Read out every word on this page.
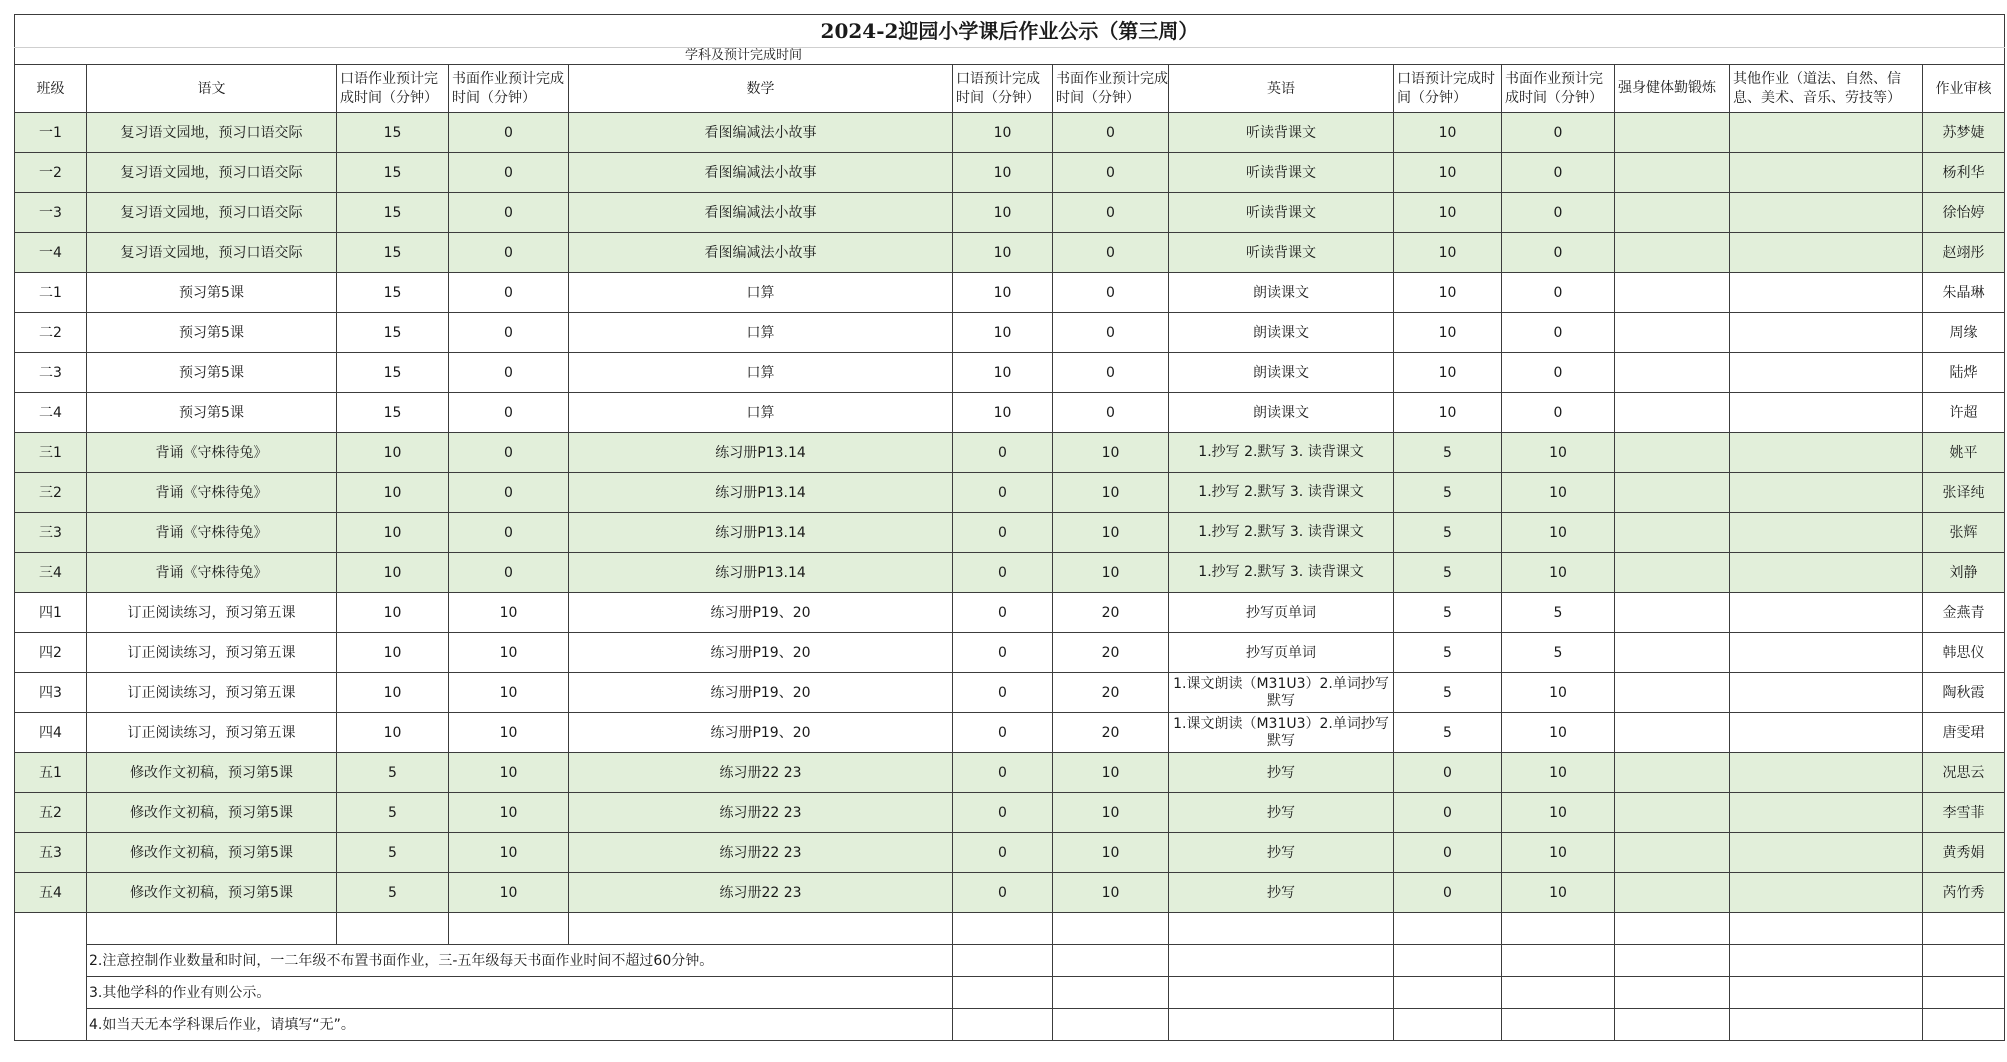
2024-2迎园小学课后作业公示（第三周）												
学科及预计完成时间												
班级	语文	口语作业预计完成时间（分钟）	书面作业预计完成时间（分钟）	数学	口语预计完成时间（分钟）	书面作业预计完成时间（分钟）	英语	口语预计完成时间（分钟）	书面作业预计完成时间（分钟）	强身健体勤锻炼	其他作业（道法、自然、信息、美术、音乐、劳技等）	作业审核
一1	复习语文园地，预习口语交际	15	0	看图编减法小故事	10	0	听读背课文	10	0			苏梦婕
一2	复习语文园地，预习口语交际	15	0	看图编减法小故事	10	0	听读背课文	10	0			杨利华
一3	复习语文园地，预习口语交际	15	0	看图编减法小故事	10	0	听读背课文	10	0			徐怡婷
一4	复习语文园地，预习口语交际	15	0	看图编减法小故事	10	0	听读背课文	10	0			赵翊彤
二1	预习第5课	15	0	口算	10	0	朗读课文	10	0			朱晶琳
二2	预习第5课	15	0	口算	10	0	朗读课文	10	0			周缘
二3	预习第5课	15	0	口算	10	0	朗读课文	10	0			陆烨
二4	预习第5课	15	0	口算	10	0	朗读课文	10	0			许超
三1	背诵《守株待兔》	10	0	练习册P13.14	0	10	1.抄写 2.默写 3. 读背课文	5	10			姚平
三2	背诵《守株待兔》	10	0	练习册P13.14	0	10	1.抄写 2.默写 3. 读背课文	5	10			张译纯
三3	背诵《守株待兔》	10	0	练习册P13.14	0	10	1.抄写 2.默写 3. 读背课文	5	10			张辉
三4	背诵《守株待兔》	10	0	练习册P13.14	0	10	1.抄写 2.默写 3. 读背课文	5	10			刘静
四1	订正阅读练习，预习第五课	10	10	练习册P19、20	0	20	抄写页单词	5	5			金燕青
四2	订正阅读练习，预习第五课	10	10	练习册P19、20	0	20	抄写页单词	5	5			韩思仪
四3	订正阅读练习，预习第五课	10	10	练习册P19、20	0	20	1.课文朗读（M31U3）2.单词抄写默写	5	10			陶秋霞
四4	订正阅读练习，预习第五课	10	10	练习册P19、20	0	20	1.课文朗读（M31U3）2.单词抄写默写	5	10			唐雯珺
五1	修改作文初稿，预习第5课	5	10	练习册22 23	0	10	抄写	0	10			况思云
五2	修改作文初稿，预习第5课	5	10	练习册22 23	0	10	抄写	0	10			李雪菲
五3	修改作文初稿，预习第5课	5	10	练习册22 23	0	10	抄写	0	10			黄秀娟
五4	修改作文初稿，预习第5课	5	10	练习册22 23	0	10	抄写	0	10			芮竹秀

	2.注意控制作业数量和时间，一二年级不布置书面作业，三-五年级每天书面作业时间不超过60分钟。											
	3.其他学科的作业有则公示。											
	4.如当天无本学科课后作业，请填写“无”。											
